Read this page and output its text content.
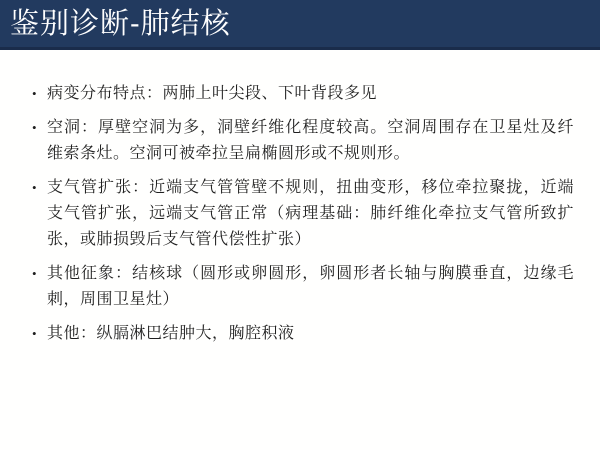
鉴别诊断-肺结核
• 病变分布特点：两肺上叶尖段、下叶背段多见
• 空洞：厚壁空洞为多，洞壁纤维化程度较高。空洞周围存在卫星灶及纤维索条灶。空洞可被牵拉呈扁椭圆形或不规则形。
• 支气管扩张：近端支气管管壁不规则，扭曲变形，移位牵拉聚拢，近端支气管扩张，远端支气管正常（病理基础：肺纤维化牵拉支气管所致扩张，或肺损毁后支气管代偿性扩张）
• 其他征象：结核球（圆形或卵圆形，卵圆形者长轴与胸膜垂直，边缘毛刺，周围卫星灶）
• 其他：纵膈淋巴结肿大，胸腔积液
